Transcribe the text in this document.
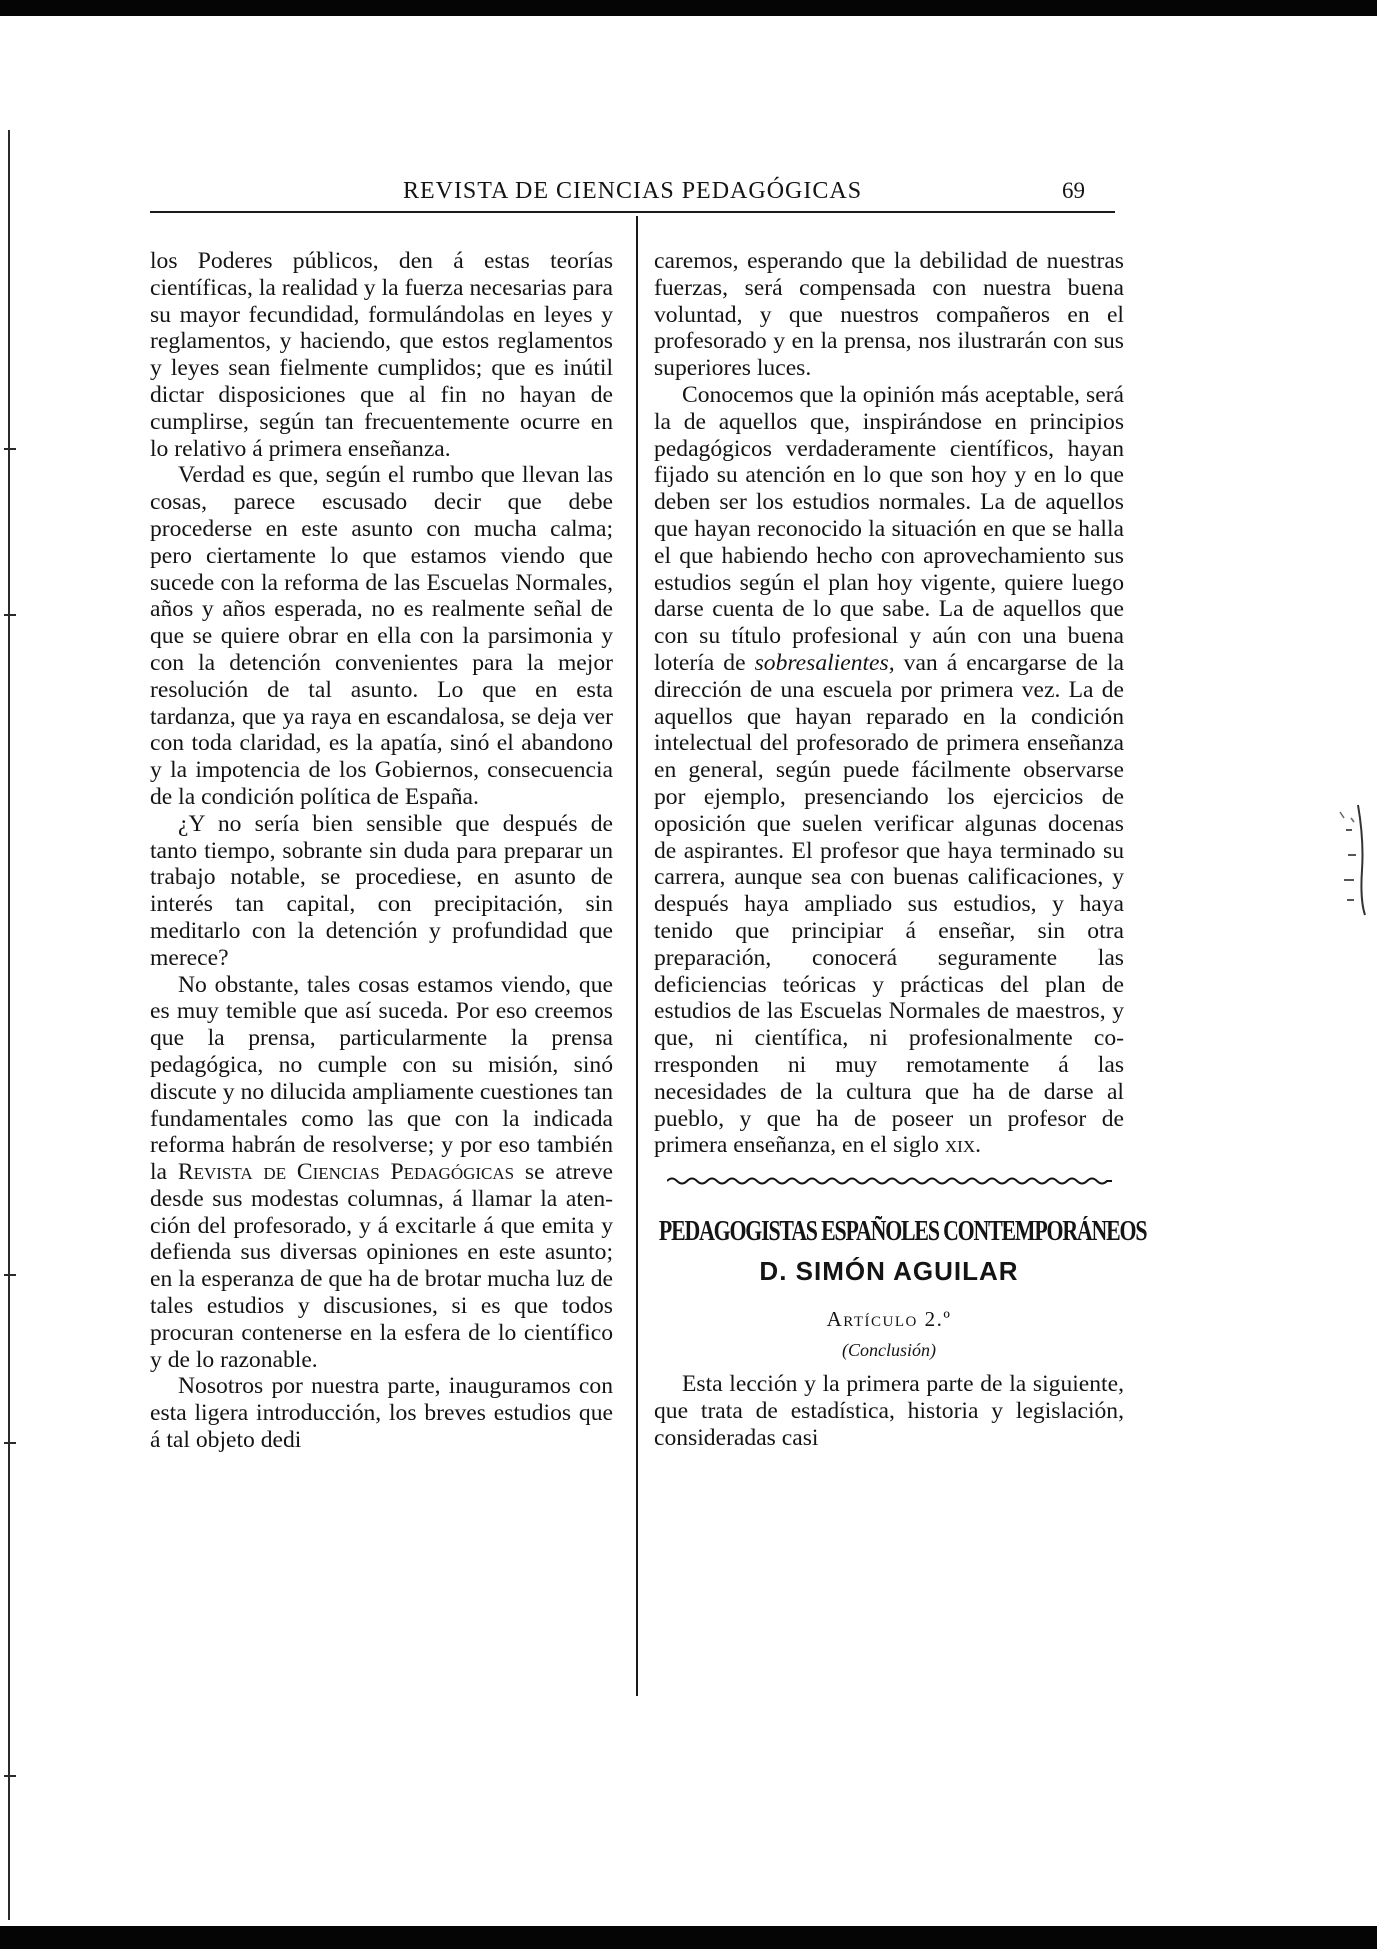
REVISTA DE CIENCIAS PEDAGÓGICAS	69

los Poderes públicos, den á estas teorías científicas, la realidad y la fuerza necesarias para su mayor fecundidad, formulándolas en leyes y reglamentos, y haciendo, que estos reglamentos y leyes sean fielmente cumplidos; que es inútil dictar disposiciones que al fin no hayan de cumplirse, según tan frecuentemente ocurre en lo relativo á primera enseñanza.

Verdad es que, según el rumbo que llevan las cosas, parece escusado decir que debe procederse en este asunto con mucha calma; pero ciertamente lo que estamos viendo que sucede con la reforma de las Escuelas Normales, años y años esperada, no es realmente señal de que se quiere obrar en ella con la parsimonia y con la detención convenientes para la mejor resolución de tal asunto. Lo que en esta tardanza, que ya raya en escandalosa, se deja ver con toda claridad, es la apatía, sinó el abandono y la impotencia de los Gobiernos, consecuencia de la condición política de España.

¿Y no sería bien sensible que después de tanto tiempo, sobrante sin duda para preparar un trabajo notable, se procediese, en asunto de interés tan capital, con precipitación, sin meditarlo con la detención y profundidad que merece?

No obstante, tales cosas estamos viendo, que es muy temible que así suceda. Por eso creemos que la prensa, particularmente la prensa pedagógica, no cumple con su misión, sinó discute y no dilucida ampliamente cuestiones tan fundamentales como las que con la indicada reforma habrán de resolverse; y por eso también la Revista de Ciencias Pedagógicas se atreve desde sus modestas columnas, á llamar la atención del profesorado, y á excitarle á que emita y defienda sus diversas opiniones en este asunto; en la esperanza de que ha de brotar mucha luz de tales estudios y discusiones, si es que todos procuran contenerse en la esfera de lo científico y de lo razonable.

Nosotros por nuestra parte, inauguramos con esta ligera introducción, los breves estudios que á tal objeto dedi

caremos, esperando que la debilidad de nuestras fuerzas, será compensada con nuestra buena voluntad, y que nuestros compañeros en el profesorado y en la prensa, nos ilustrarán con sus superiores luces.

Conocemos que la opinión más aceptable, será la de aquellos que, inspirándose en principios pedagógicos verdaderamente científicos, hayan fijado su atención en lo que son hoy y en lo que deben ser los estudios normales. La de aquellos que hayan reconocido la situación en que se halla el que habiendo hecho con aprovechamiento sus estudios según el plan hoy vigente, quiere luego darse cuenta de lo que sabe. La de aquellos que con su título profesional y aún con una buena lotería de sobresalientes, van á encargarse de la dirección de una escuela por primera vez. La de aquellos que hayan reparado en la condición intelectual del profesorado de primera enseñanza en general, según puede fácilmente observarse por ejemplo, presenciando los ejercicios de oposición que suelen verificar algunas docenas de aspirantes. El profesor que haya terminado su carrera, aunque sea con buenas calificaciones, y después haya ampliado sus estudios, y haya tenido que principiar á enseñar, sin otra preparación, conocerá seguramente las deficiencias teóricas y prácticas del plan de estudios de las Escuelas Normales de maestros, y que, ni científica, ni profesionalmente corresponden ni muy remotamente á las necesidades de la cultura que ha de darse al pueblo, y que ha de poseer un profesor de primera enseñanza, en el siglo xix.

PEDAGOGISTAS ESPAÑOLES CONTEMPORÁNEOS

D. SIMÓN AGUILAR

Artículo 2.º

(Conclusión)

Esta lección y la primera parte de la siguiente, que trata de estadística, historia y legislación, consideradas casi
